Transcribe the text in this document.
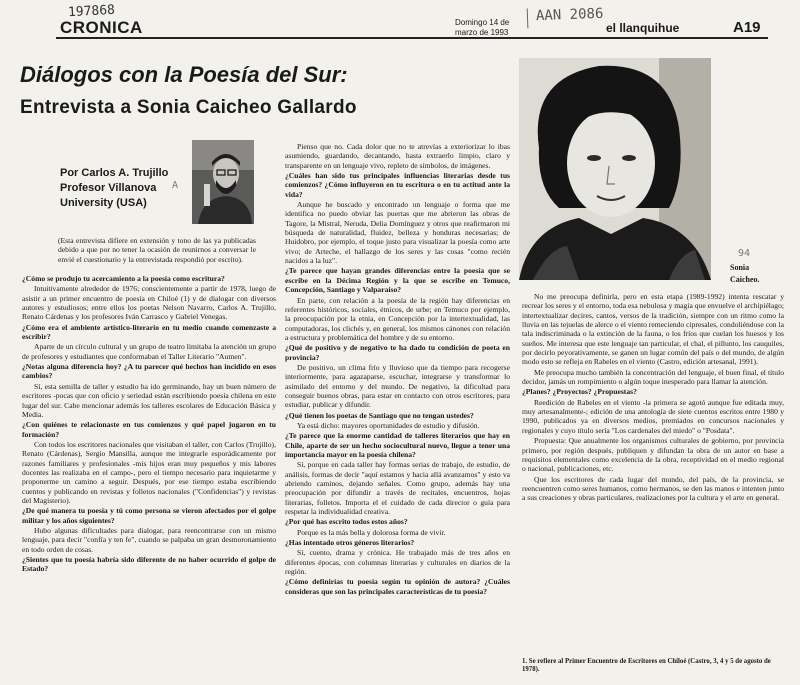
197868	AAN 2086
CRONICA	Domingo 14 de
marzo de 1993	el llanquihue	A19
Diálogos con la Poesía del Sur:
Entrevista a Sonia Caicheo Gallardo
Por Carlos A. Trujillo
Profesor Villanova
University (USA)
A
94
Sonia
Caicheo.

(Esta entrevista difiere en extensión y tono de las ya publicadas debido a que por no tener la ocasión de reunirnos a conversar le envié el cuestionario y la entrevistada respondió por escrito).

¿Cómo se produjo tu acercamiento a la poesía como escritura?

Intuitivamente alrededor de 1976; conscientemente a partir de 1978, luego de asistir a un primer encuentro de poesía en Chiloé (1) y de dialogar con diversos autores y estudiosos; entre ellos los poetas Nelson Navarro, Carlos A. Trujillo, Renato Cárdenas y los profesores Iván Carrasco y Gabriel Venegas.

¿Cómo era el ambiente artístico-literario en tu medio cuando comenzaste a escribir?

Aparte de un círculo cultural y un grupo de teatro limitaba la atención un grupo de profesores y estudiantes que conformaban el Taller Literario "Aumen".

¿Notas alguna diferencia hoy? ¿A tu parecer qué hechos han incidido en esos cambios?

Sí, esta semilla de taller y estudio ha ido germinando, hay un buen número de escritores -pocas que con oficio y seriedad están escribiendo poesía chilena en este lugar del sur. Cabe mencionar además los talleres escolares de Educación Básica y Media.

¿Con quiénes te relacionaste en tus comienzos y qué papel jugaron en tu formación?

Con todos los escritores nacionales que visitaban el taller, con Carlos (Trujillo), Renato (Cárdenas), Sergio Mansilla, aunque me integrarle esporádicamente por razones familiares y profesionales -mis hijos eran muy pequeños y mis labores docentes las realizaba en el campo-, pero el tiempo necesario para inquietarme y proponerme un camino a seguir. Después, por ese tiempo estaba escribiendo cuentos y publicando en revistas y folletos nacionales ("Confidencias") y revistas del Magisterio).

¿De qué manera tu poesía y tú como persona se vieron afectados por el golpe militar y los años siguientes?

Hubo algunas dificultades para dialogar, para reencontrarse con un mismo lenguaje, para decir "confía y ten fe", cuando se palpaba un gran desmoronamiento en todo orden de cosas.

¿Sientes que tu poesía habría sido diferente de no haber ocurrido el golpe de Estado?

Pienso que no. Cada dolor que no te atrevías a exteriorizar lo ibas asumiendo, guardando, decantando, hasta extraerlo limpio, claro y transparente en un lenguaje vivo, repleto de símbolos, de imágenes.

¿Cuáles han sido tus principales influencias literarias desde tus comienzos? ¿Cómo influyeron en tu escritura o en tu actitud ante la vida?

Aunque he buscado y encontrado un lenguaje o forma que me identifica no puedo obviar las puertas que me abrieron las obras de Tagore, la Mistral, Neruda, Delia Domínguez y otros que reafirmaron mi búsqueda de naturalidad, fluidez, belleza y honduras necesarias; de Huidobro, por ejemplo, el toque justo para visualizar la poesía como arte vivo; de Arteche, el hallazgo de los seres y las cosas "como recién nacidos a la luz".

¿Te parece que hayan grandes diferencias entre la poesía que se escribe en la Décima Región y la que se escribe en Temuco, Concepción, Santiago y Valparaíso?

En parte, con relación a la poesía de la región hay diferencias en referentes históricos, sociales, étnicos, de urbe; en Temuco por ejemplo, la preocupación por la etnia, en Concepción por la intertextualidad, las computadoras, los clichés y, en general, los mismos cánones con relación a estructura y problemática del hombre y de su entorno.

¿Qué de positivo y de negativo te ha dado tu condición de poeta en provincia?

De positivo, un clima frío y lluvioso que da tiempo para recogerse interiormente, para agazaparse, escuchar, integrarse y transformar lo asimilado del entorno y del mundo. De negativo, la dificultad para conseguir buenos obras, para estar en contacto con otros escritores, para estudiar, publicar y difundir.

¿Qué tienen los poetas de Santiago que no tengan ustedes?

Ya está dicho: mayores oportunidades de estudio y difusión.

¿Te parece que la enorme cantidad de talleres literarios que hay en Chile, aparte de ser un hecho sociocultural nuevo, llegue a tener una importancia mayor en la poesía chilena?

Sí, porque en cada taller hay formas serias de trabajo, de estudio, de análisis, formas de decir "aquí estamos y hacia allá avanzamos" y esto va abriendo caminos, dejando señales. Como grupo, además hay una preocupación por difundir a través de recitales, encuentros, hojas literarias, folletos. Importa el el cuidado de cada director o guía para respetar la individualidad creativa.

¿Por qué has escrito todos estos años?

Porque es la más bella y dolorosa forma de vivir.

¿Has intentado otros géneros literarios?

Sí, cuento, drama y crónica. He trabajado más de tres años en diferentes épocas, con columnas literarias y culturales en diarios de la región.

¿Cómo definirías tu poesía según tu opinión de autora? ¿Cuáles consideras que son las principales características de tu poesía?

No me preocupa definirla, pero en esta etapa (1989-1992) intenta rescatar y recrear los seres y el entorno, toda esa nebulosa y magia que envuelve el archipiélago; intertextualizar decires, cantos, versos de la tradición, siempre con un ritmo como la lluvia en las tejuelas de alerce o el viento remeciendo cipresales, condoliéndose con la tala indiscriminada o la extinción de la fauna, o los fríos que cuelan los huesos y los sueños. Me interesa que este lenguaje tan particular, el chal, el pillunto, los cauquiles, por decirlo peyorativamente, se ganen un lugar común del país o del mundo, de algún modo esto se refleja en Rabeles en el viento (Castro, edición artesanal, 1991).

Me preocupa mucho también la concentración del lenguaje, el buen final, el título decidor, jamás un rompimiento o algún toque inesperado para llamar la atención.

¿Planes? ¿Proyectos? ¿Propuestas?

Reedición de Rabeles en el viento -la primera se agotó aunque fue editada muy, muy artesanalmente-; edición de una antología de siete cuentos escritos entre 1980 y 1990, publicados ya en diversos medios, premiados en concursos nacionales y regionales y cuyo título sería "Los cardenales del miedo" o "Posdata".

Propuesta: Que anualmente los organismos culturales de gobierno, por provincia primero, por región después, publiquen y difundan la obra de un autor en base a requisitos elementales como excelencia de la obra, receptividad en el medio regional o nacional, publicaciones, etc.

Que los escritores de cada lugar del mundo, del país, de la provincia, se reencuentren como seres humanos, como hermanos, se den las manos e intenten junto a sus creaciones y obras particulares, realizaciones por la cultura y el arte en general.

1. Se refiere al Primer Encuentro de Escritores en Chiloé (Castro, 3, 4 y 5 de agosto de 1978).
